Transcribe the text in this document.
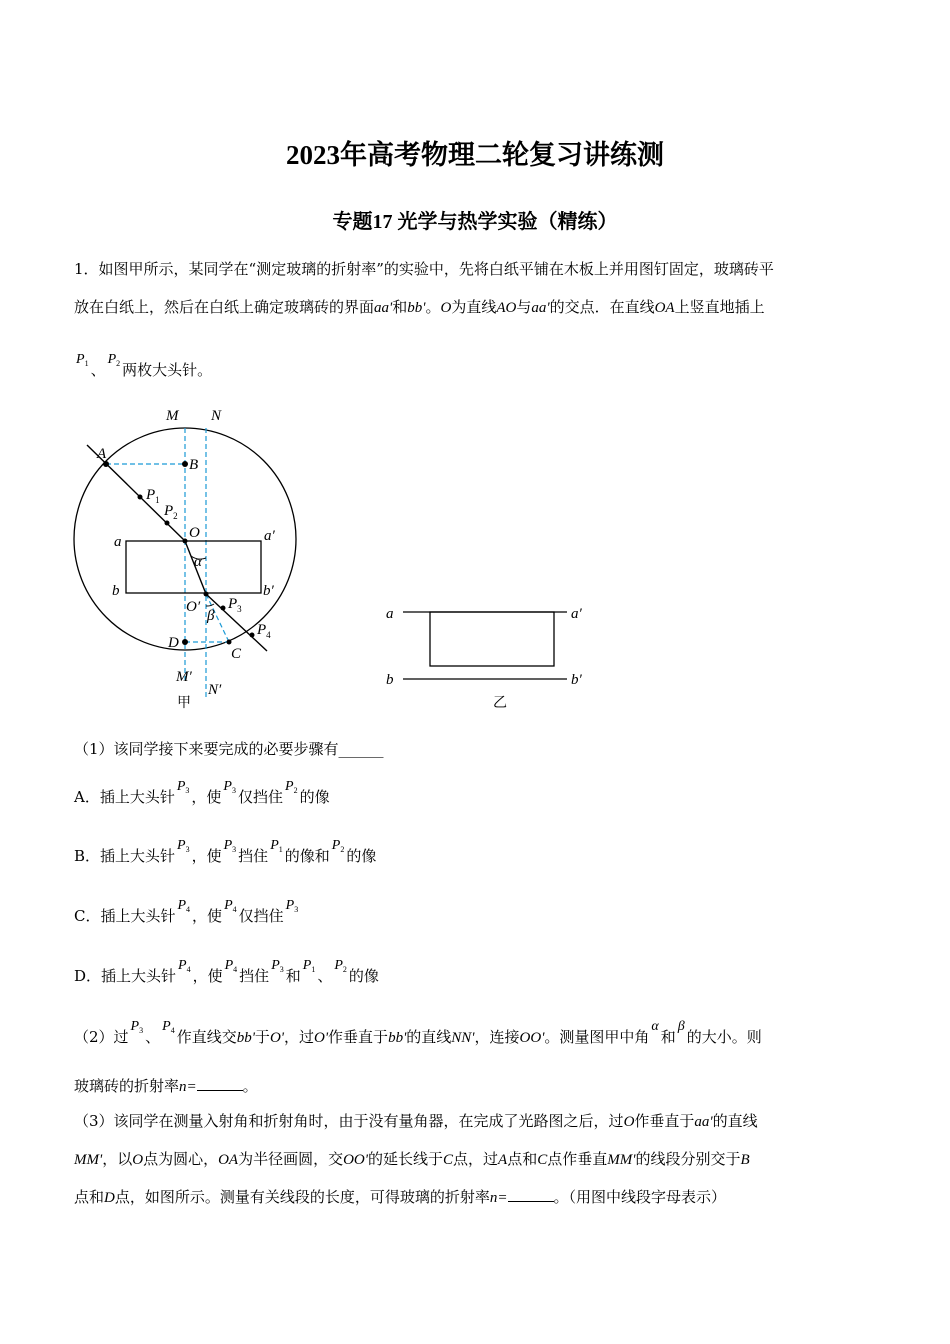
2023年高考物理二轮复习讲练测
专题17 光学与热学实验（精练）
1．如图甲所示，某同学在“测定玻璃的折射率”的实验中，先将白纸平铺在木板上并用图钉固定，玻璃砖平
放在白纸上，然后在白纸上确定玻璃砖的界面aa'和bb'。O为直线AO与aa'的交点．在直线OA上竖直地插上
$P_1$ 、$P_2$ 两枚大头针。
M N
A
B
$P_1$
$P_2$
O
a	a′
b	b′
α
O′ $P_3$
β
$P_4$
D
C
M′
N′
甲
a	a′
b	b′
乙
（1）该同学接下来要完成的必要步骤有______
A．插上大头针$P_3$ ，使$P_3$ 仅挡住$P_2$ 的像
B．插上大头针$P_3$ ，使$P_3$ 挡住$P_1$ 的像和$P_2$ 的像
C．插上大头针$P_4$ ，使$P_4$ 仅挡住$P_3$
D．插上大头针$P_4$ ，使$P_4$ 挡住$P_3$ 和$P_1$ 、$P_2$ 的像
（2）过$P_3$ 、$P_4$ 作直线交bb'于O'，过O'作垂直于bb'的直线NN'，连接OO'。测量图甲中角α和β的大小。则
玻璃砖的折射率n=	。
（3）该同学在测量入射角和折射角时，由于没有量角器，在完成了光路图之后，过O作垂直于aa'的直线
MM'，以O点为圆心，OA为半径画圆，交OO'的延长线于C点，过A点和C点作垂直MM'的线段分别交于B
点和D点，如图所示。测量有关线段的长度，可得玻璃的折射率n=	。（用图中线段字母表示）
